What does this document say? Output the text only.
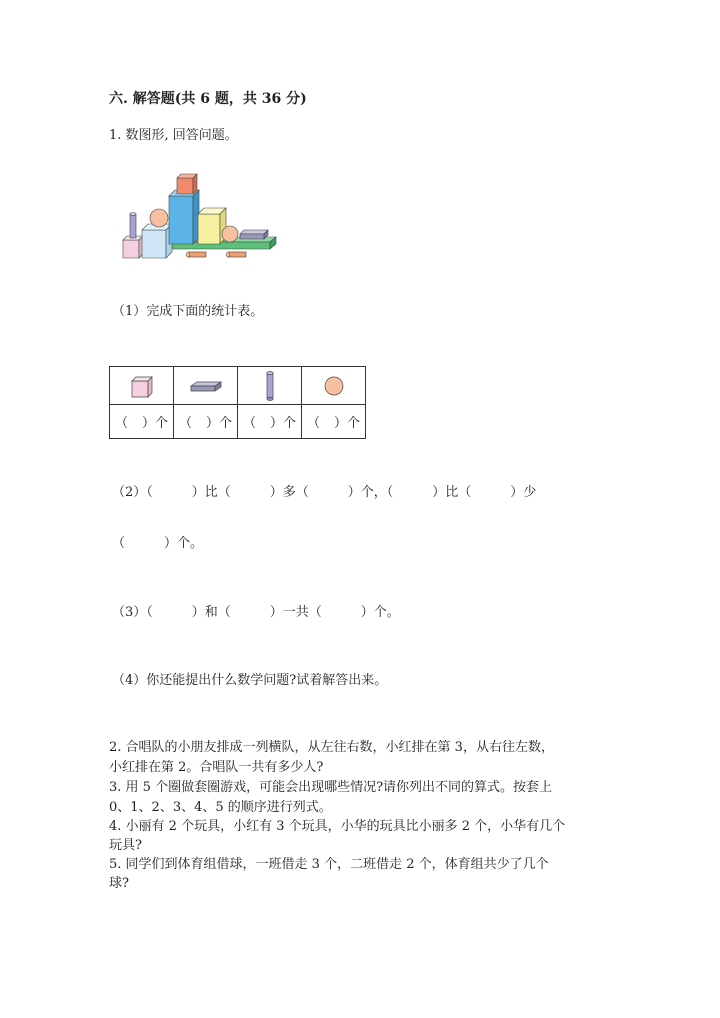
六. 解答题(共 6 题，共 36 分)
1. 数图形, 回答问题。
（1）完成下面的统计表。

（ ）个	（ ）个	（ ）个	（ ）个
（2）（　　　）比（　　　）多（　　　）个，（　　　）比（　　　）少
（　　　）个。
（3）（　　　）和（　　　）一共（　　　）个。
（4）你还能提出什么数学问题?试着解答出来。
2. 合唱队的小朋友排成一列横队，从左往右数，小红排在第 3，从右往左数，
小红排在第 2。合唱队一共有多少人?
3. 用 5 个圈做套圈游戏，可能会出现哪些情况?请你列出不同的算式。按套上
0、1、2、3、4、5 的顺序进行列式。
4. 小丽有 2 个玩具，小红有 3 个玩具，小华的玩具比小丽多 2 个，小华有几个
玩具?
5. 同学们到体育组借球，一班借走 3 个，二班借走 2 个，体育组共少了几个
球?
